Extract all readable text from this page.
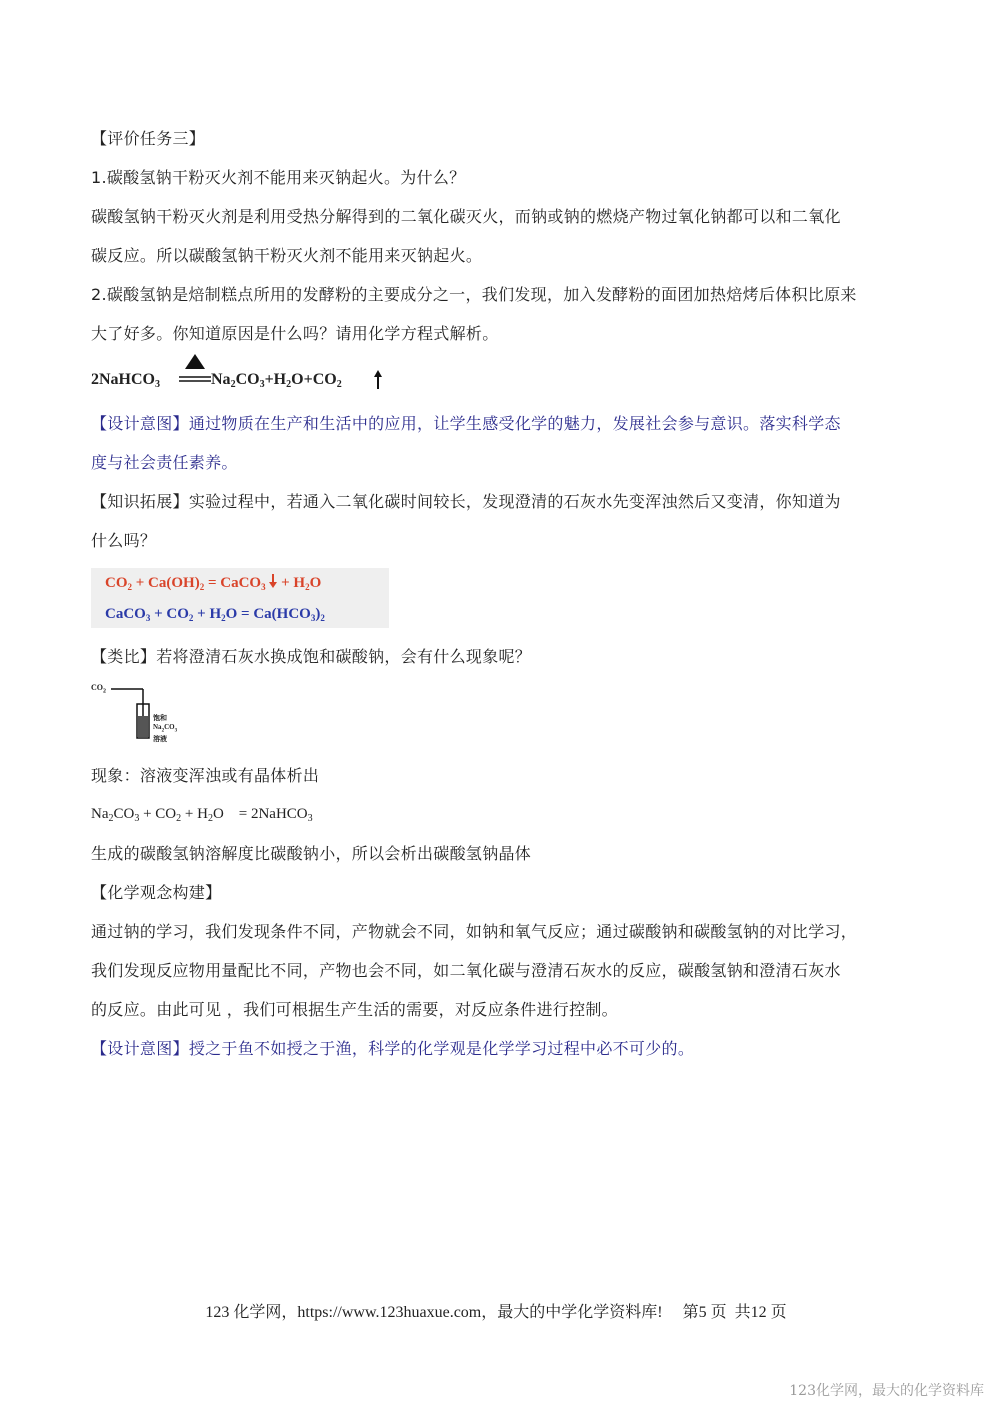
【评价任务三】
1.碳酸氢钠干粉灭火剂不能用来灭钠起火。为什么？
碳酸氢钠干粉灭火剂是利用受热分解得到的二氧化碳灭火，而钠或钠的燃烧产物过氧化钠都可以和二氧化
碳反应。所以碳酸氢钠干粉灭火剂不能用来灭钠起火。
2.碳酸氢钠是焙制糕点所用的发酵粉的主要成分之一，我们发现，加入发酵粉的面团加热焙烤后体积比原来
大了好多。你知道原因是什么吗？请用化学方程式解析。
2NaHCO$_3$	$Na_2CO_3+H_2O+CO_2$
【设计意图】通过物质在生产和生活中的应用，让学生感受化学的魅力，发展社会参与意识。落实科学态
度与社会责任素养。
【知识拓展】实验过程中，若通入二氧化碳时间较长，发现澄清的石灰水先变浑浊然后又变清，你知道为
什么吗？
$CO_2 + Ca(OH)_2$ = CaCO$_3$  + $H_2O$
CaCO$_3$ + $CO_2 + H_2O = Ca(HCO_3)_2$
【类比】若将澄清石灰水换成饱和碳酸钠，会有什么现象呢？
$CO_2$
饱和
$Na_2CO_3$
溶液
现象：溶液变浑浊或有晶体析出
$Na_2CO_3 + CO_2 + H_2O$    = 2NaHCO$_3$
生成的碳酸氢钠溶解度比碳酸钠小，所以会析出碳酸氢钠晶体
【化学观念构建】
通过钠的学习，我们发现条件不同，产物就会不同，如钠和氧气反应；通过碳酸钠和碳酸氢钠的对比学习，
我们发现反应物用量配比不同，产物也会不同，如二氧化碳与澄清石灰水的反应，碳酸氢钠和澄清石灰水
的反应。由此可见 ，我们可根据生产生活的需要，对反应条件进行控制。
【设计意图】授之于鱼不如授之于渔，科学的化学观是化学学习过程中必不可少的。
123 化学网，https://www.123huaxue.com，最大的中学化学资料库!     第5 页  共12 页
123化学网，最大的化学资料库
